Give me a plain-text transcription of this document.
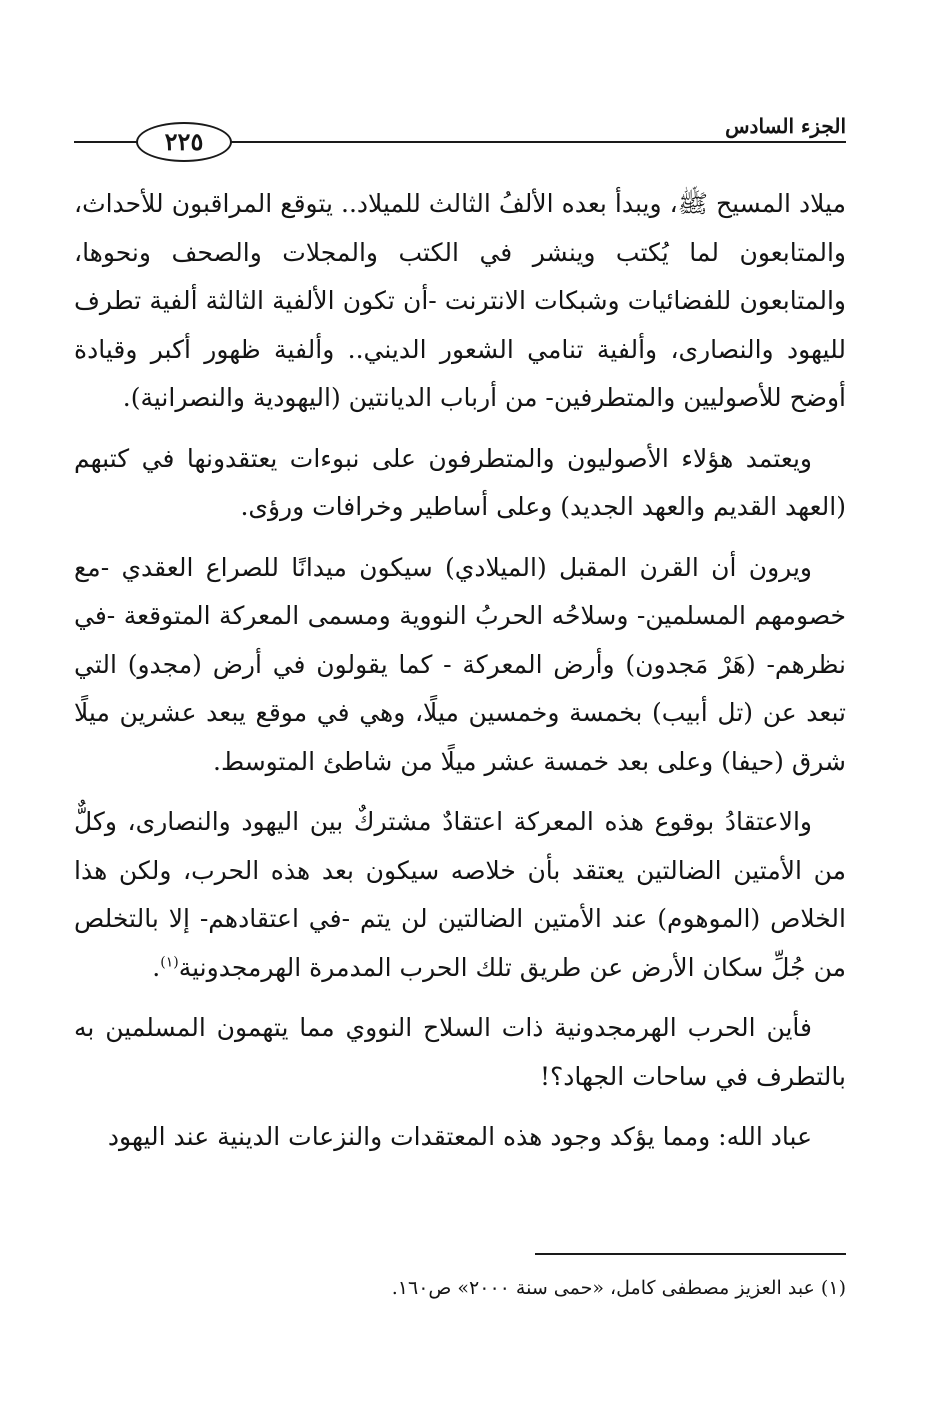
الجزء السادس
٢٢٥

ميلاد المسيح ﷺ، ويبدأ بعده الألفُ الثالث للميلاد.. يتوقع المراقبون للأحداث، والمتابعون لما يُكتب وينشر في الكتب والمجلات والصحف ونحوها، والمتابعون للفضائيات وشبكات الانترنت -أن تكون الألفية الثالثة ألفية تطرف لليهود والنصارى، وألفية تنامي الشعور الديني.. وألفية ظهور أكبر وقيادة أوضح للأصوليين والمتطرفين- من أرباب الديانتين (اليهودية والنصرانية).

ويعتمد هؤلاء الأصوليون والمتطرفون على نبوءات يعتقدونها في كتبهم (العهد القديم والعهد الجديد) وعلى أساطير وخرافات ورؤى.

ويرون أن القرن المقبل (الميلادي) سيكون ميدانًا للصراع العقدي -مع خصومهم المسلمين- وسلاحُه الحربُ النووية ومسمى المعركة المتوقعة -في نظرهم- (هَرْ مَجدون) وأرض المعركة - كما يقولون في أرض (مجدو) التي تبعد عن (تل أبيب) بخمسة وخمسين ميلًا، وهي في موقع يبعد عشرين ميلًا شرق (حيفا) وعلى بعد خمسة عشر ميلًا من شاطئ المتوسط.

والاعتقادُ بوقوع هذه المعركة اعتقادٌ مشتركٌ بين اليهود والنصارى، وكلٌّ من الأمتين الضالتين يعتقد بأن خلاصه سيكون بعد هذه الحرب، ولكن هذا الخلاص (الموهوم) عند الأمتين الضالتين لن يتم -في اعتقادهم- إلا بالتخلص من جُلِّ سكان الأرض عن طريق تلك الحرب المدمرة الهرمجدونية$^{(١)}$.

فأين الحرب الهرمجدونية ذات السلاح النووي مما يتهمون المسلمين به بالتطرف في ساحات الجهاد؟!

عباد الله: ومما يؤكد وجود هذه المعتقدات والنزعات الدينية عند اليهود

(١) عبد العزيز مصطفى كامل، «حمى سنة ٢٠٠٠» ص١٦٠.
